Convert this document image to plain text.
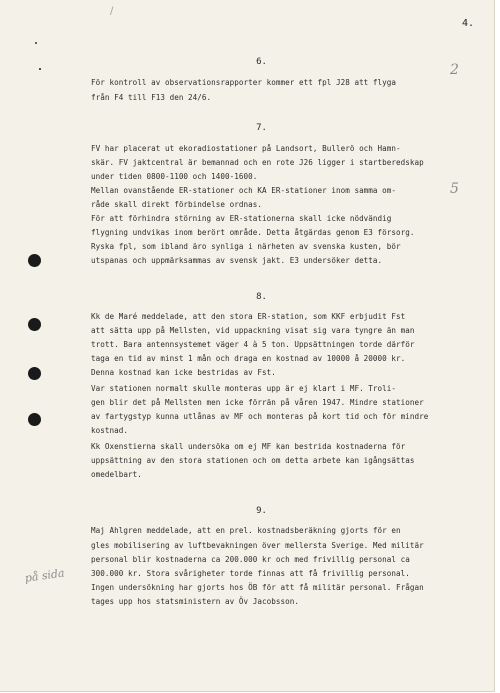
/
4.
2
5
på sida
6.

För kontroll av observationsrapporter kommer ett fpl J28 att flyga

från F4 till F13 den 24/6.

7.

FV har placerat ut ekoradiostationer på Landsort, Bullerö och Hamn-

skär. FV jaktcentral är bemannad och en rote J26 ligger i startberedskap

under tiden 0800-1100 och 1400-1600.

Mellan ovanstående ER-stationer och KA ER-stationer inom samma om-

råde skall direkt förbindelse ordnas.

För att förhindra störning av ER-stationerna skall icke nödvändig

flygning undvikas inom berört område. Detta åtgärdas genom E3 försorg.

Ryska fpl, som ibland äro synliga i närheten av svenska kusten, bör

utspanas och uppmärksammas av svensk jakt. E3 undersöker detta.

8.

Kk de Maré meddelade, att den stora ER-station, som KKF erbjudit Fst

att sätta upp på Mellsten, vid uppackning visat sig vara tyngre än man

trott. Bara antennsystemet väger 4 à 5 ton. Uppsättningen torde därför

taga en tid av minst 1 mån och draga en kostnad av 10000 å 20000 kr.

Denna kostnad kan icke bestridas av Fst.

Var stationen normalt skulle monteras upp är ej klart i MF. Troli-

gen blir det på Mellsten men icke förrän på våren 1947. Mindre stationer

av fartygstyp kunna utlånas av MF och monteras på kort tid och för mindre

kostnad.

Kk Oxenstierna skall undersöka om ej MF kan bestrida kostnaderna för

uppsättning av den stora stationen och om detta arbete kan igångsättas

omedelbart.

9.

Maj Ahlgren meddelade, att en prel. kostnadsberäkning gjorts för en

gles mobilisering av luftbevakningen över mellersta Sverige. Med militär

personal blir kostnaderna ca 200.000 kr och med frivillig personal ca

300.000 kr. Stora svårigheter torde finnas att få frivillig personal.

Ingen undersökning har gjorts hos ÖB för att få militär personal. Frågan

tages upp hos statsministern av Öv Jacobsson.
